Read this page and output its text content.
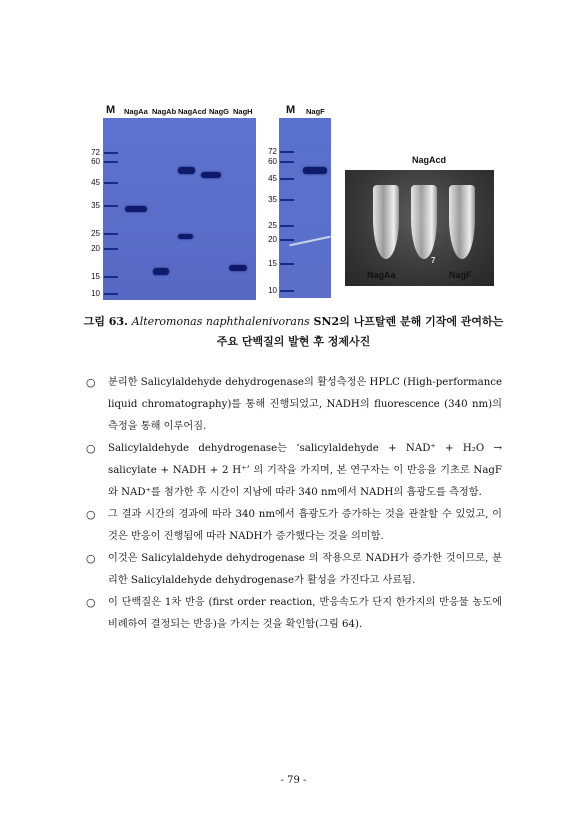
M NagAa NagAb NagAcd NagG NagH
72
60
45
35
25
20
15
10
M NagF
72
60
45
35
25
20
15
10
NagAcd
NagAa
7
NagF
그림 63. Alteromonas naphthalenivorans SN2의 나프탈렌 분해 기작에 관여하는
주요 단백질의 발현 후 정제사진

○ 분리한 Salicylaldehyde dehydrogenase의 활성측정은 HPLC (High-performance liquid chromatography)를 통해 진행되었고, NADH의 fluorescence (340 nm)의 측정을 통해 이루어짐.

○ Salicylaldehyde dehydrogenase는 ‘salicylaldehyde + NAD⁺ + H₂O → salicylate + NADH + 2 H⁺’ 의 기작을 가지며, 본 연구자는 이 반응을 기초로 NagF와 NAD⁺를 첨가한 후 시간이 지남에 따라 340 nm에서 NADH의 흡광도를 측정함.

○ 그 결과 시간의 경과에 따라 340 nm에서 흡광도가 증가하는 것을 관찰할 수 있었고, 이것은 반응이 진행됨에 따라 NADH가 증가했다는 것을 의미함.

○ 이것은 Salicylaldehyde dehydrogenase 의 작용으로 NADH가 증가한 것이므로, 분리한 Salicylaldehyde dehydrogenase가 활성을 가진다고 사료됨.

○ 이 단백질은 1차 반응 (first order reaction, 반응속도가 단지 한가지의 반응물 농도에 비례하여 결정되는 반응)을 가지는 것을 확인함(그림 64).

- 79 -
